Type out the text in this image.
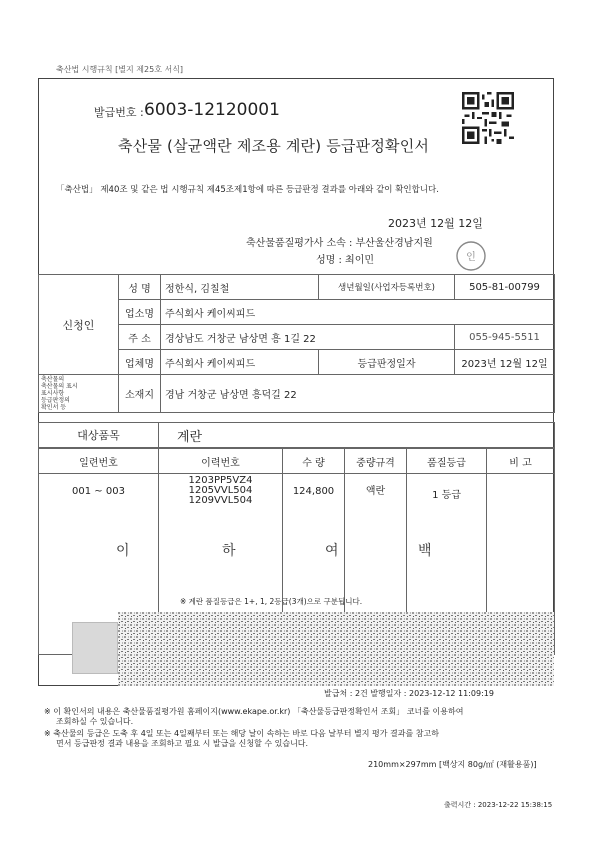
축산법 시행규칙 [별지 제25호 서식]
발급번호 : 6003-12120001
축산물 (살균액란 제조용 계란) 등급판정확인서
「축산법」 제40조 및 같은 법 시행규칙 제45조제1항에 따른 등급판정 결과를 아래와 같이 확인합니다.
2023년 12월 12일
축산물품질평가사 소속 : 부산울산경남지원
성명 : 최이민	인
신청인	성 명	정한식, 김칠철	생년월일(사업자등록번호)	505-81-00799
	업소명	주식회사 케이씨피드		
	주 소	경상남도 거창군 남상면 흥 1길 22		055-945-5511
	업체명	주식회사 케이씨피드	등급판정일자	2023년 12월 12일

축산물의
축산물의 표시
표시사항
등급판정의
확인서 등	소재지	경남 거창군 남상면 흥덕길 22		
대상품목	계란
일련번호	이력번호	수 량	중량규격	품질등급	비 고
001 ~ 003	1203PP5VZ4
1205VVL504
1209VVL504	124,800	액란	1 등급	
이	하	여	백
※ 계란 품질등급은 1+, 1, 2등급(3개)으로 구분됩니다.
발급처 : 2건 발행일자 : 2023-12-12 11:09:19
※ 이 확인서의 내용은 축산물품질평가원 홈페이지(www.ekape.or.kr) 「축산물등급판정확인서 조회」 코너를 이용하여
조회하실 수 있습니다.
※ 축산물의 등급은 도축 후 4일 또는 4일째부터 또는 해당 날이 속하는 바로 다음 날부터 별지 평가 결과를 참고하
면서 등급판정 결과 내용을 조회하고 필요 시 발급을 신청할 수 있습니다.
210mm×297mm [백상지 80g/㎡ (재활용품)]
출력시간 : 2023-12-22 15:38:15
